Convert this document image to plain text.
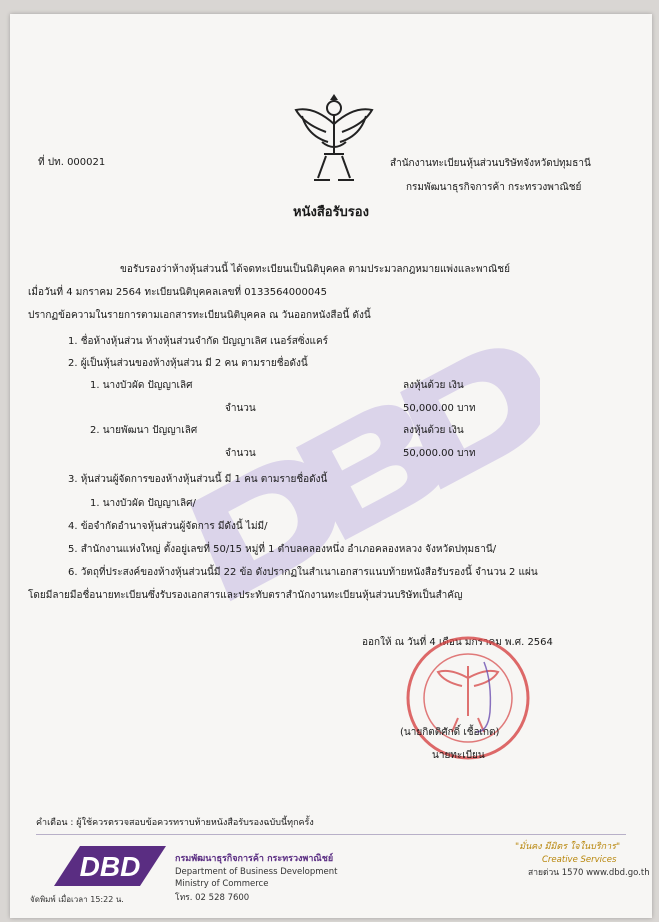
ที่ ปท. 000021	สำนักงานทะเบียนหุ้นส่วนบริษัทจังหวัดปทุมธานี
กรมพัฒนาธุรกิจการค้า กระทรวงพาณิชย์
หนังสือรับรอง
ขอรับรองว่าห้างหุ้นส่วนนี้ ได้จดทะเบียนเป็นนิติบุคคล ตามประมวลกฎหมายแพ่งและพาณิชย์
เมื่อวันที่ 4 มกราคม 2564 ทะเบียนนิติบุคคลเลขที่ 0133564000045
ปรากฏข้อความในรายการตามเอกสารทะเบียนนิติบุคคล ณ วันออกหนังสือนี้ ดังนี้
1. ชื่อห้างหุ้นส่วน ห้างหุ้นส่วนจำกัด ปัญญาเลิศ เนอร์สซิ่งแคร์
2. ผู้เป็นหุ้นส่วนของห้างหุ้นส่วน มี 2 คน ตามรายชื่อดังนี้
1. นางบัวผัด ปัญญาเลิศ	ลงหุ้นด้วย เงิน
จำนวน	50,000.00 บาท
2. นายพัฒนา ปัญญาเลิศ	ลงหุ้นด้วย เงิน
จำนวน	50,000.00 บาท
3. หุ้นส่วนผู้จัดการของห้างหุ้นส่วนนี้ มี 1 คน ตามรายชื่อดังนี้
1. นางบัวผัด ปัญญาเลิศ/
4. ข้อจำกัดอำนาจหุ้นส่วนผู้จัดการ มีดังนี้ ไม่มี/
5. สำนักงานแห่งใหญ่ ตั้งอยู่เลขที่ 50/15 หมู่ที่ 1 ตำบลคลองหนึ่ง อำเภอคลองหลวง จังหวัดปทุมธานี/
6. วัตถุที่ประสงค์ของห้างหุ้นส่วนนี้มี 22 ข้อ ดังปรากฏในสำเนาเอกสารแนบท้ายหนังสือรับรองนี้ จำนวน 2 แผ่น
โดยมีลายมือชื่อนายทะเบียนซึ่งรับรองเอกสารและประทับตราสำนักงานทะเบียนหุ้นส่วนบริษัทเป็นสำคัญ
ออกให้ ณ วันที่ 4 เดือน มกราคม พ.ศ. 2564
(นายกิตติศักดิ์ เชื้อเกต)
นายทะเบียน
คำเตือน : ผู้ใช้ควรตรวจสอบข้อควรทราบท้ายหนังสือรับรองฉบับนี้ทุกครั้ง
DBD	กรมพัฒนาธุรกิจการค้า กระทรวงพาณิชย์
Department of Business Development
Ministry of Commerce
โทร. 02 528 7600
"มั่นคง มีมิตร ใจในบริการ"
Creative Services
สายด่วน 1570 www.dbd.go.th
จัดพิมพ์ เมื่อเวลา 15:22 น.
